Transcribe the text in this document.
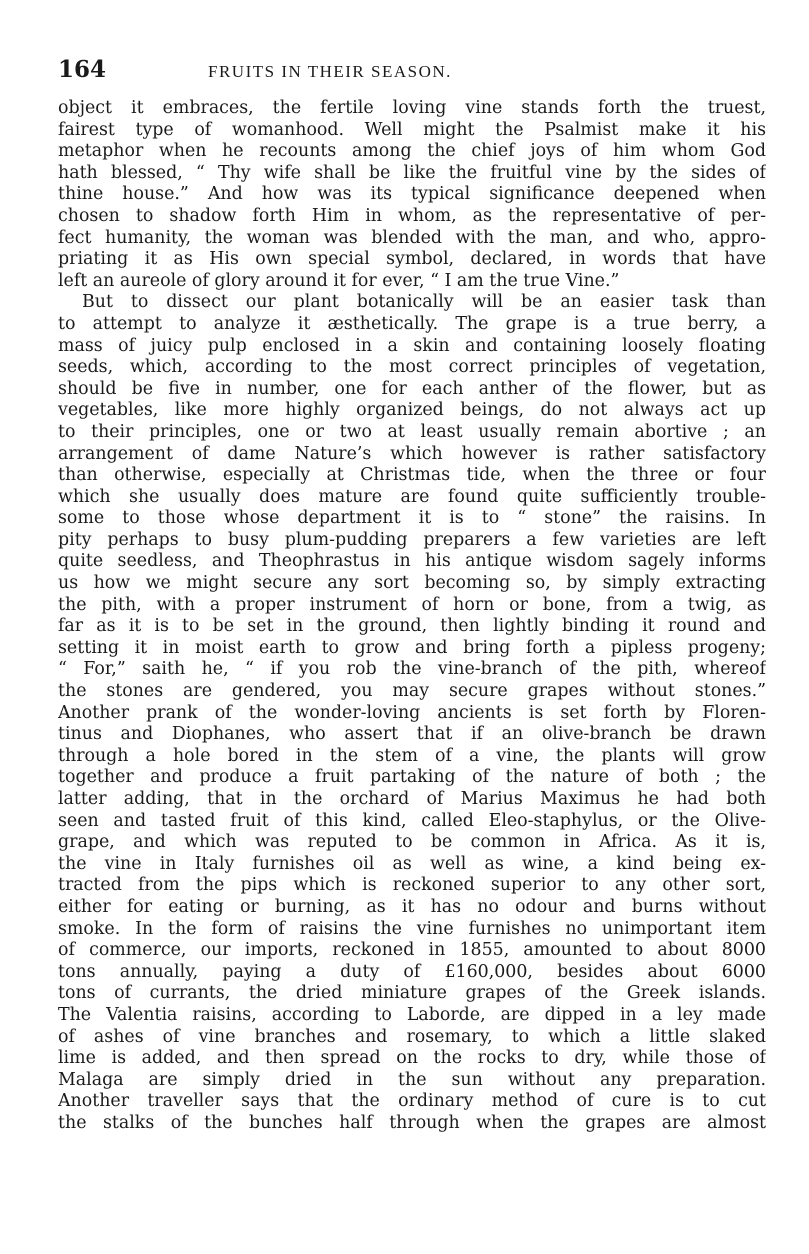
164	FRUITS IN THEIR SEASON.
object it embraces, the fertile loving vine stands forth the truest,
fairest type of womanhood. Well might the Psalmist make it his
metaphor when he recounts among the chief joys of him whom God
hath blessed, “ Thy wife shall be like the fruitful vine by the sides of
thine house.” And how was its typical significance deepened when
chosen to shadow forth Him in whom, as the representative of per-
fect humanity, the woman was blended with the man, and who, appro-
priating it as His own special symbol, declared, in words that have
left an aureole of glory around it for ever, “ I am the true Vine.”
But to dissect our plant botanically will be an easier task than
to attempt to analyze it æsthetically. The grape is a true berry, a
mass of juicy pulp enclosed in a skin and containing loosely floating
seeds, which, according to the most correct principles of vegetation,
should be five in number, one for each anther of the flower, but as
vegetables, like more highly organized beings, do not always act up
to their principles, one or two at least usually remain abortive ; an
arrangement of dame Nature’s which however is rather satisfactory
than otherwise, especially at Christmas tide, when the three or four
which she usually does mature are found quite sufficiently trouble-
some to those whose department it is to “ stone” the raisins. In
pity perhaps to busy plum-pudding preparers a few varieties are left
quite seedless, and Theophrastus in his antique wisdom sagely informs
us how we might secure any sort becoming so, by simply extracting
the pith, with a proper instrument of horn or bone, from a twig, as
far as it is to be set in the ground, then lightly binding it round and
setting it in moist earth to grow and bring forth a pipless progeny;
“ For,” saith he, “ if you rob the vine-branch of the pith, whereof
the stones are gendered, you may secure grapes without stones.”
Another prank of the wonder-loving ancients is set forth by Floren-
tinus and Diophanes, who assert that if an olive-branch be drawn
through a hole bored in the stem of a vine, the plants will grow
together and produce a fruit partaking of the nature of both ; the
latter adding, that in the orchard of Marius Maximus he had both
seen and tasted fruit of this kind, called Eleo-staphylus, or the Olive-
grape, and which was reputed to be common in Africa. As it is,
the vine in Italy furnishes oil as well as wine, a kind being ex-
tracted from the pips which is reckoned superior to any other sort,
either for eating or burning, as it has no odour and burns without
smoke. In the form of raisins the vine furnishes no unimportant item
of commerce, our imports, reckoned in 1855, amounted to about 8000
tons annually, paying a duty of £160,000, besides about 6000
tons of currants, the dried miniature grapes of the Greek islands.
The Valentia raisins, according to Laborde, are dipped in a ley made
of ashes of vine branches and rosemary, to which a little slaked
lime is added, and then spread on the rocks to dry, while those of
Malaga are simply dried in the sun without any preparation.
Another traveller says that the ordinary method of cure is to cut
the stalks of the bunches half through when the grapes are almost
